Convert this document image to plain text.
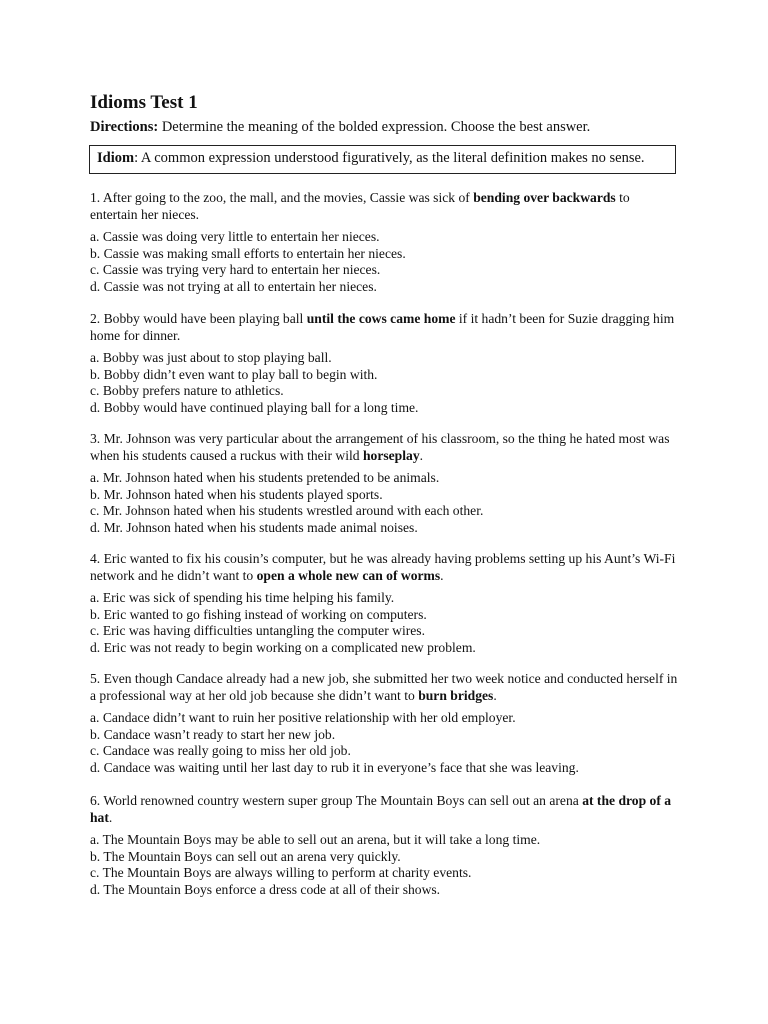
Idioms Test 1
Directions: Determine the meaning of the bolded expression. Choose the best answer.
Idiom: A common expression understood figuratively, as the literal definition makes no sense.

1. After going to the zoo, the mall, and the movies, Cassie was sick of bending over backwards to entertain her nieces.

a. Cassie was doing very little to entertain her nieces.
b. Cassie was making small efforts to entertain her nieces.
c. Cassie was trying very hard to entertain her nieces.
d. Cassie was not trying at all to entertain her nieces.

2. Bobby would have been playing ball until the cows came home if it hadn’t been for Suzie dragging him home for dinner.

a. Bobby was just about to stop playing ball.
b. Bobby didn’t even want to play ball to begin with.
c. Bobby prefers nature to athletics.
d. Bobby would have continued playing ball for a long time.

3. Mr. Johnson was very particular about the arrangement of his classroom, so the thing he hated most was when his students caused a ruckus with their wild horseplay.

a. Mr. Johnson hated when his students pretended to be animals.
b. Mr. Johnson hated when his students played sports.
c. Mr. Johnson hated when his students wrestled around with each other.
d. Mr. Johnson hated when his students made animal noises.

4. Eric wanted to fix his cousin’s computer, but he was already having problems setting up his Aunt’s Wi-Fi network and he didn’t want to open a whole new can of worms.

a. Eric was sick of spending his time helping his family.
b. Eric wanted to go fishing instead of working on computers.
c. Eric was having difficulties untangling the computer wires.
d. Eric was not ready to begin working on a complicated new problem.

5. Even though Candace already had a new job, she submitted her two week notice and conducted herself in a professional way at her old job because she didn’t want to burn bridges.

a. Candace didn’t want to ruin her positive relationship with her old employer.
b. Candace wasn’t ready to start her new job.
c. Candace was really going to miss her old job.
d. Candace was waiting until her last day to rub it in everyone’s face that she was leaving.

6. World renowned country western super group The Mountain Boys can sell out an arena at the drop of a hat.

a. The Mountain Boys may be able to sell out an arena, but it will take a long time.
b. The Mountain Boys can sell out an arena very quickly.
c. The Mountain Boys are always willing to perform at charity events.
d. The Mountain Boys enforce a dress code at all of their shows.
